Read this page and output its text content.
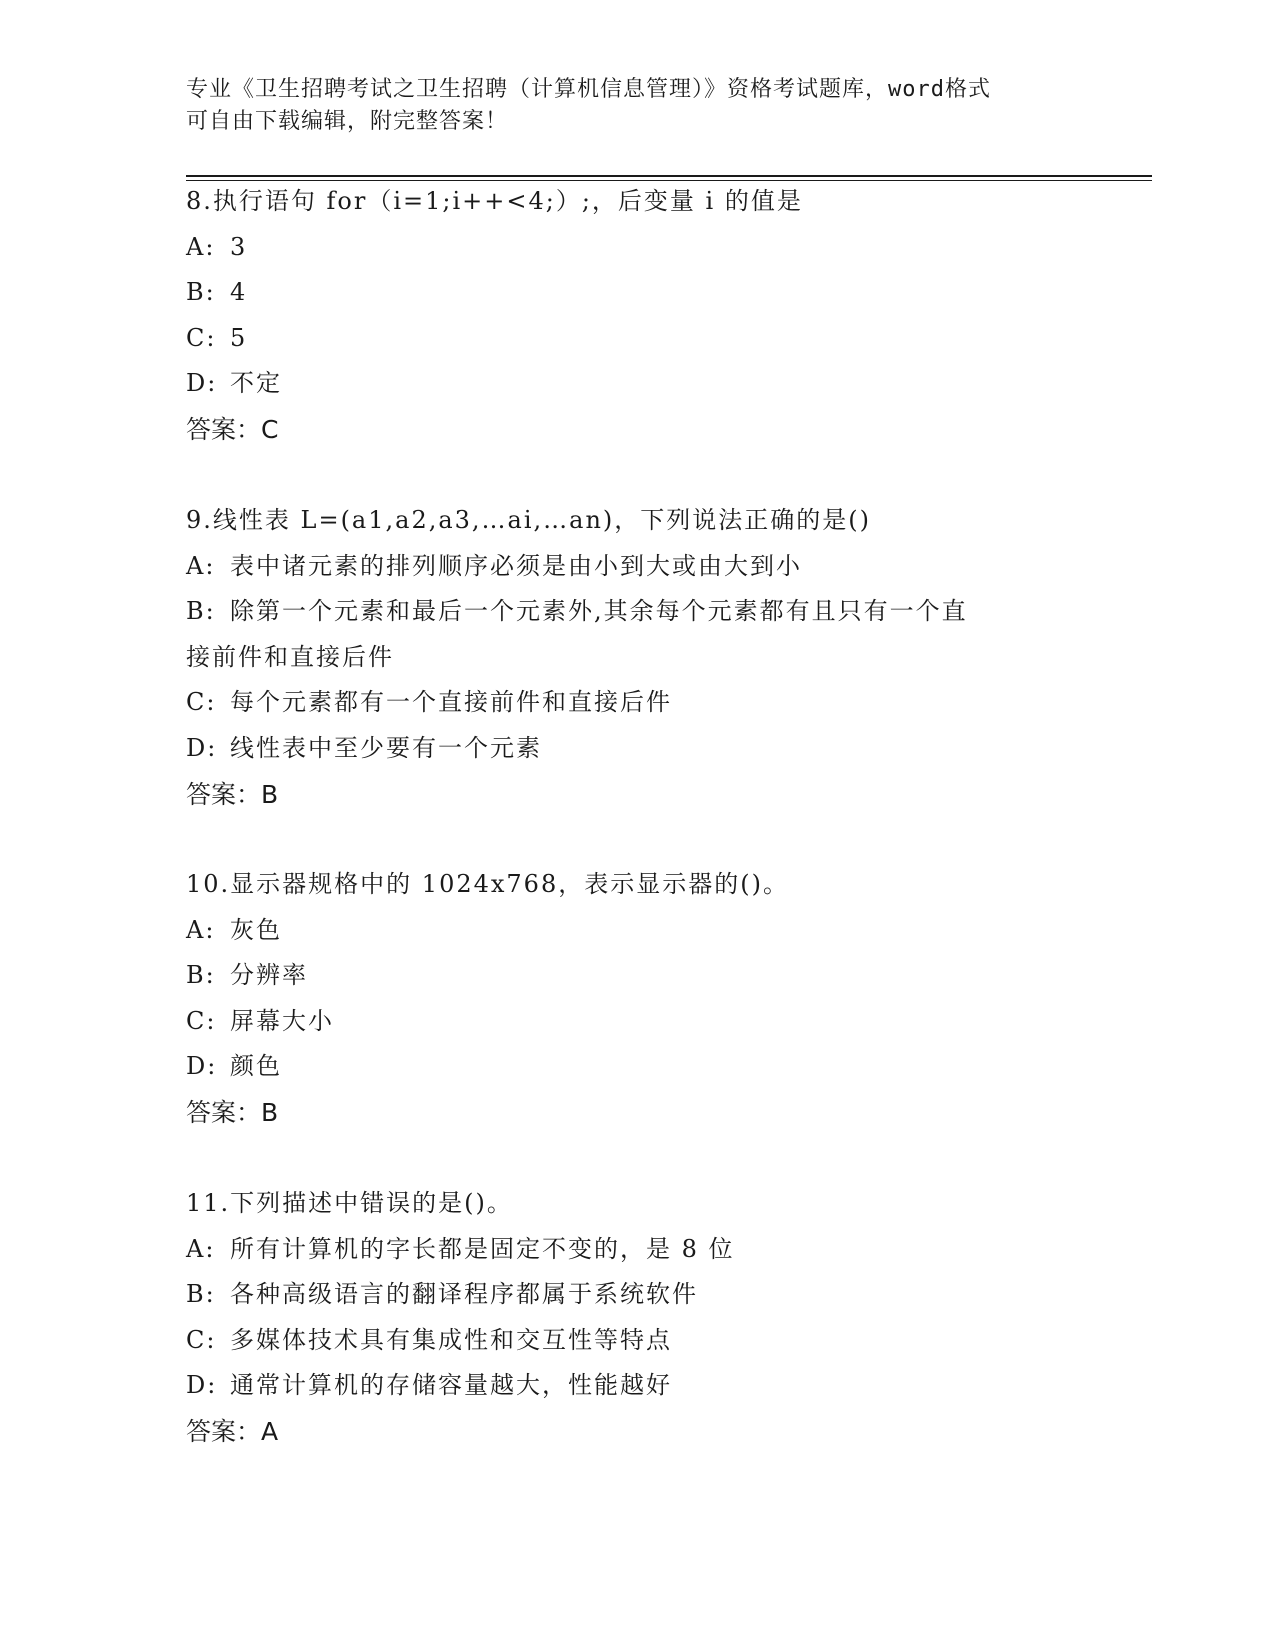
专业《卫生招聘考试之卫生招聘（计算机信息管理）》资格考试题库，word格式
可自由下载编辑，附完整答案！
8.执行语句 for（i=1;i++<4;）;，后变量 i 的值是
A: 3
B: 4
C: 5
D: 不定
答案：C
9.线性表 L=(a1,a2,a3,…ai,…an)，下列说法正确的是()
A: 表中诸元素的排列顺序必须是由小到大或由大到小
B: 除第一个元素和最后一个元素外,其余每个元素都有且只有一个直
接前件和直接后件
C: 每个元素都有一个直接前件和直接后件
D: 线性表中至少要有一个元素
答案：B
10.显示器规格中的 1024x768，表示显示器的()。
A: 灰色
B: 分辨率
C: 屏幕大小
D: 颜色
答案：B
11.下列描述中错误的是()。
A: 所有计算机的字长都是固定不变的，是 8 位
B: 各种高级语言的翻译程序都属于系统软件
C: 多媒体技术具有集成性和交互性等特点
D: 通常计算机的存储容量越大，性能越好
答案：A
